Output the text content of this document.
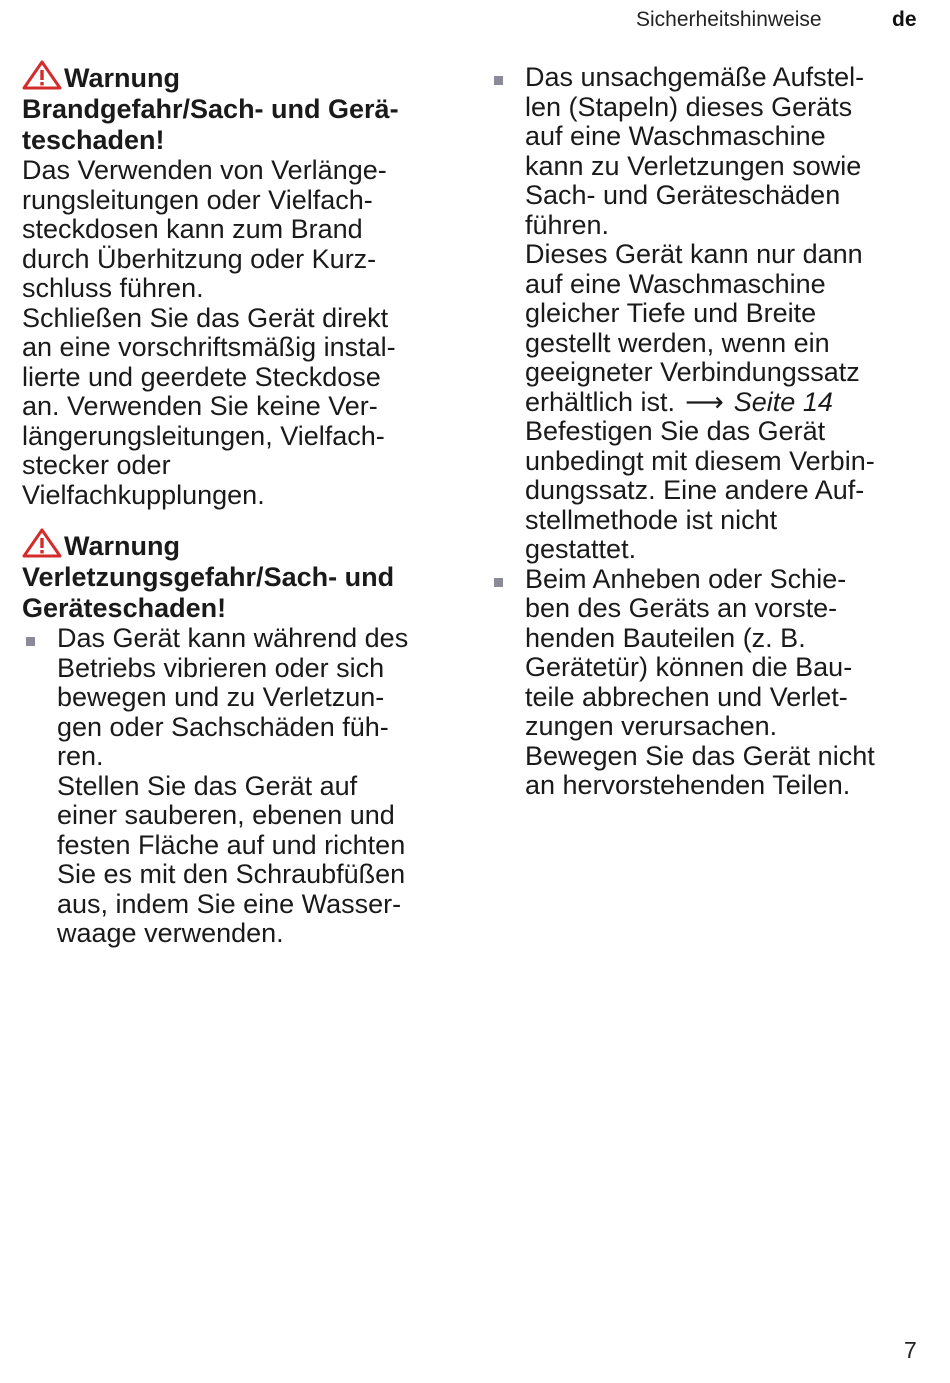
Sicherheitshinweise	de
Warnung
Brandgefahr/Sach- und Gerä-
teschaden!
Das Verwenden von Verlänge-
rungsleitungen oder Vielfach-
steckdosen kann zum Brand
durch Überhitzung oder Kurz-
schluss führen.
Schließen Sie das Gerät direkt
an eine vorschriftsmäßig instal-
lierte und geerdete Steckdose
an. Verwenden Sie keine Ver-
längerungsleitungen, Vielfach-
stecker oder
Vielfachkupplungen.
Warnung
Verletzungsgefahr/Sach- und
Geräteschaden!
Das Gerät kann während des
Betriebs vibrieren oder sich
bewegen und zu Verletzun-
gen oder Sachschäden füh-
ren.
Stellen Sie das Gerät auf
einer sauberen, ebenen und
festen Fläche auf und richten
Sie es mit den Schraubfüßen
aus, indem Sie eine Wasser-
waage verwenden.
Das unsachgemäße Aufstel-
len (Stapeln) dieses Geräts
auf eine Waschmaschine
kann zu Verletzungen sowie
Sach- und Geräteschäden
führen.
Dieses Gerät kann nur dann
auf eine Waschmaschine
gleicher Tiefe und Breite
gestellt werden, wenn ein
geeigneter Verbindungssatz
erhältlich ist. ⟶ Seite 14
Befestigen Sie das Gerät
unbedingt mit diesem Verbin-
dungssatz. Eine andere Auf-
stellmethode ist nicht
gestattet.
Beim Anheben oder Schie-
ben des Geräts an vorste-
henden Bauteilen (z. B.
Gerätetür) können die Bau-
teile abbrechen und Verlet-
zungen verursachen.
Bewegen Sie das Gerät nicht
an hervorstehenden Teilen.
7
